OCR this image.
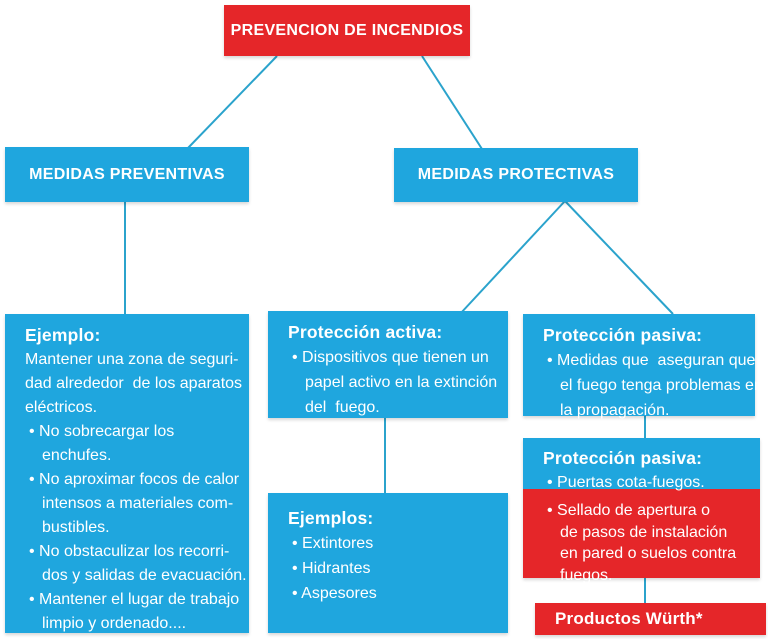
PREVENCION DE INCENDIOS
MEDIDAS PREVENTIVAS	MEDIDAS PROTECTIVAS
Ejemplo:
Mantener una zona de seguri-
dad alrededor  de los aparatos
eléctricos.
• No sobrecargar los
enchufes.
• No aproximar focos de calor
intensos a materiales com-
bustibles.
• No obstaculizar los recorri-
dos y salidas de evacuación.
• Mantener el lugar de trabajo
limpio y ordenado....
Protección activa:
• Dispositivos que tienen un
papel activo en la extinción
del  fuego.
Ejemplos:
• Extintores
• Hidrantes
• Aspesores
Protección pasiva:
• Medidas que  aseguran que
el fuego tenga problemas en
la propagación.
Protección pasiva:
• Puertas cota-fuegos.
• Sellado de apertura o
de pasos de instalación
en pared o suelos contra
fuegos.
Productos Würth*
